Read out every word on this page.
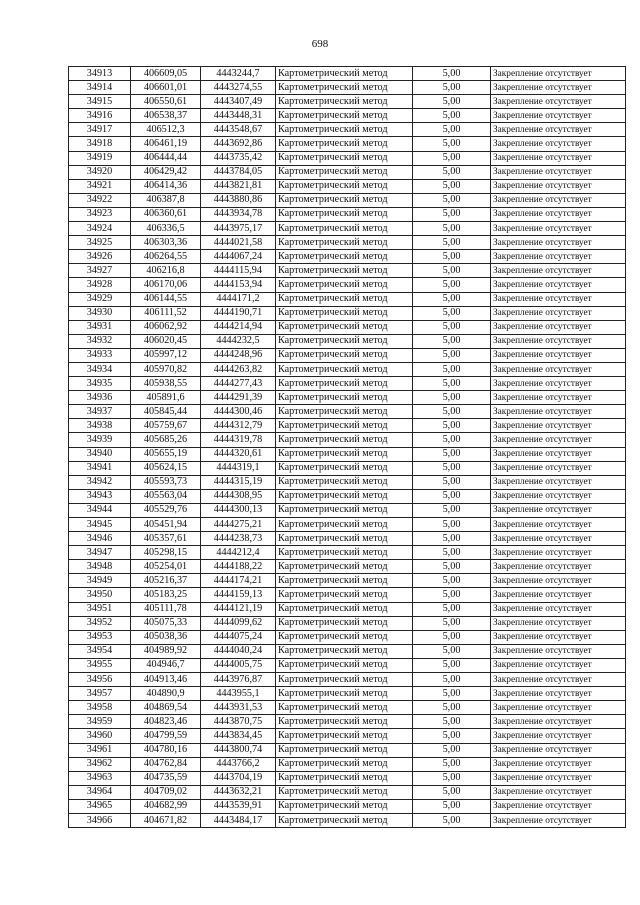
698
34913	406609,05	4443244,7	Картометрический метод	5,00	Закрепление отсутствует
34914	406601,01	4443274,55	Картометрический метод	5,00	Закрепление отсутствует
34915	406550,61	4443407,49	Картометрический метод	5,00	Закрепление отсутствует
34916	406538,37	4443448,31	Картометрический метод	5,00	Закрепление отсутствует
34917	406512,3	4443548,67	Картометрический метод	5,00	Закрепление отсутствует
34918	406461,19	4443692,86	Картометрический метод	5,00	Закрепление отсутствует
34919	406444,44	4443735,42	Картометрический метод	5,00	Закрепление отсутствует
34920	406429,42	4443784,05	Картометрический метод	5,00	Закрепление отсутствует
34921	406414,36	4443821,81	Картометрический метод	5,00	Закрепление отсутствует
34922	406387,8	4443880,86	Картометрический метод	5,00	Закрепление отсутствует
34923	406360,61	4443934,78	Картометрический метод	5,00	Закрепление отсутствует
34924	406336,5	4443975,17	Картометрический метод	5,00	Закрепление отсутствует
34925	406303,36	4444021,58	Картометрический метод	5,00	Закрепление отсутствует
34926	406264,55	4444067,24	Картометрический метод	5,00	Закрепление отсутствует
34927	406216,8	4444115,94	Картометрический метод	5,00	Закрепление отсутствует
34928	406170,06	4444153,94	Картометрический метод	5,00	Закрепление отсутствует
34929	406144,55	4444171,2	Картометрический метод	5,00	Закрепление отсутствует
34930	406111,52	4444190,71	Картометрический метод	5,00	Закрепление отсутствует
34931	406062,92	4444214,94	Картометрический метод	5,00	Закрепление отсутствует
34932	406020,45	4444232,5	Картометрический метод	5,00	Закрепление отсутствует
34933	405997,12	4444248,96	Картометрический метод	5,00	Закрепление отсутствует
34934	405970,82	4444263,82	Картометрический метод	5,00	Закрепление отсутствует
34935	405938,55	4444277,43	Картометрический метод	5,00	Закрепление отсутствует
34936	405891,6	4444291,39	Картометрический метод	5,00	Закрепление отсутствует
34937	405845,44	4444300,46	Картометрический метод	5,00	Закрепление отсутствует
34938	405759,67	4444312,79	Картометрический метод	5,00	Закрепление отсутствует
34939	405685,26	4444319,78	Картометрический метод	5,00	Закрепление отсутствует
34940	405655,19	4444320,61	Картометрический метод	5,00	Закрепление отсутствует
34941	405624,15	4444319,1	Картометрический метод	5,00	Закрепление отсутствует
34942	405593,73	4444315,19	Картометрический метод	5,00	Закрепление отсутствует
34943	405563,04	4444308,95	Картометрический метод	5,00	Закрепление отсутствует
34944	405529,76	4444300,13	Картометрический метод	5,00	Закрепление отсутствует
34945	405451,94	4444275,21	Картометрический метод	5,00	Закрепление отсутствует
34946	405357,61	4444238,73	Картометрический метод	5,00	Закрепление отсутствует
34947	405298,15	4444212,4	Картометрический метод	5,00	Закрепление отсутствует
34948	405254,01	4444188,22	Картометрический метод	5,00	Закрепление отсутствует
34949	405216,37	4444174,21	Картометрический метод	5,00	Закрепление отсутствует
34950	405183,25	4444159,13	Картометрический метод	5,00	Закрепление отсутствует
34951	405111,78	4444121,19	Картометрический метод	5,00	Закрепление отсутствует
34952	405075,33	4444099,62	Картометрический метод	5,00	Закрепление отсутствует
34953	405038,36	4444075,24	Картометрический метод	5,00	Закрепление отсутствует
34954	404989,92	4444040,24	Картометрический метод	5,00	Закрепление отсутствует
34955	404946,7	4444005,75	Картометрический метод	5,00	Закрепление отсутствует
34956	404913,46	4443976,87	Картометрический метод	5,00	Закрепление отсутствует
34957	404890,9	4443955,1	Картометрический метод	5,00	Закрепление отсутствует
34958	404869,54	4443931,53	Картометрический метод	5,00	Закрепление отсутствует
34959	404823,46	4443870,75	Картометрический метод	5,00	Закрепление отсутствует
34960	404799,59	4443834,45	Картометрический метод	5,00	Закрепление отсутствует
34961	404780,16	4443800,74	Картометрический метод	5,00	Закрепление отсутствует
34962	404762,84	4443766,2	Картометрический метод	5,00	Закрепление отсутствует
34963	404735,59	4443704,19	Картометрический метод	5,00	Закрепление отсутствует
34964	404709,02	4443632,21	Картометрический метод	5,00	Закрепление отсутствует
34965	404682,99	4443539,91	Картометрический метод	5,00	Закрепление отсутствует
34966	404671,82	4443484,17	Картометрический метод	5,00	Закрепление отсутствует
